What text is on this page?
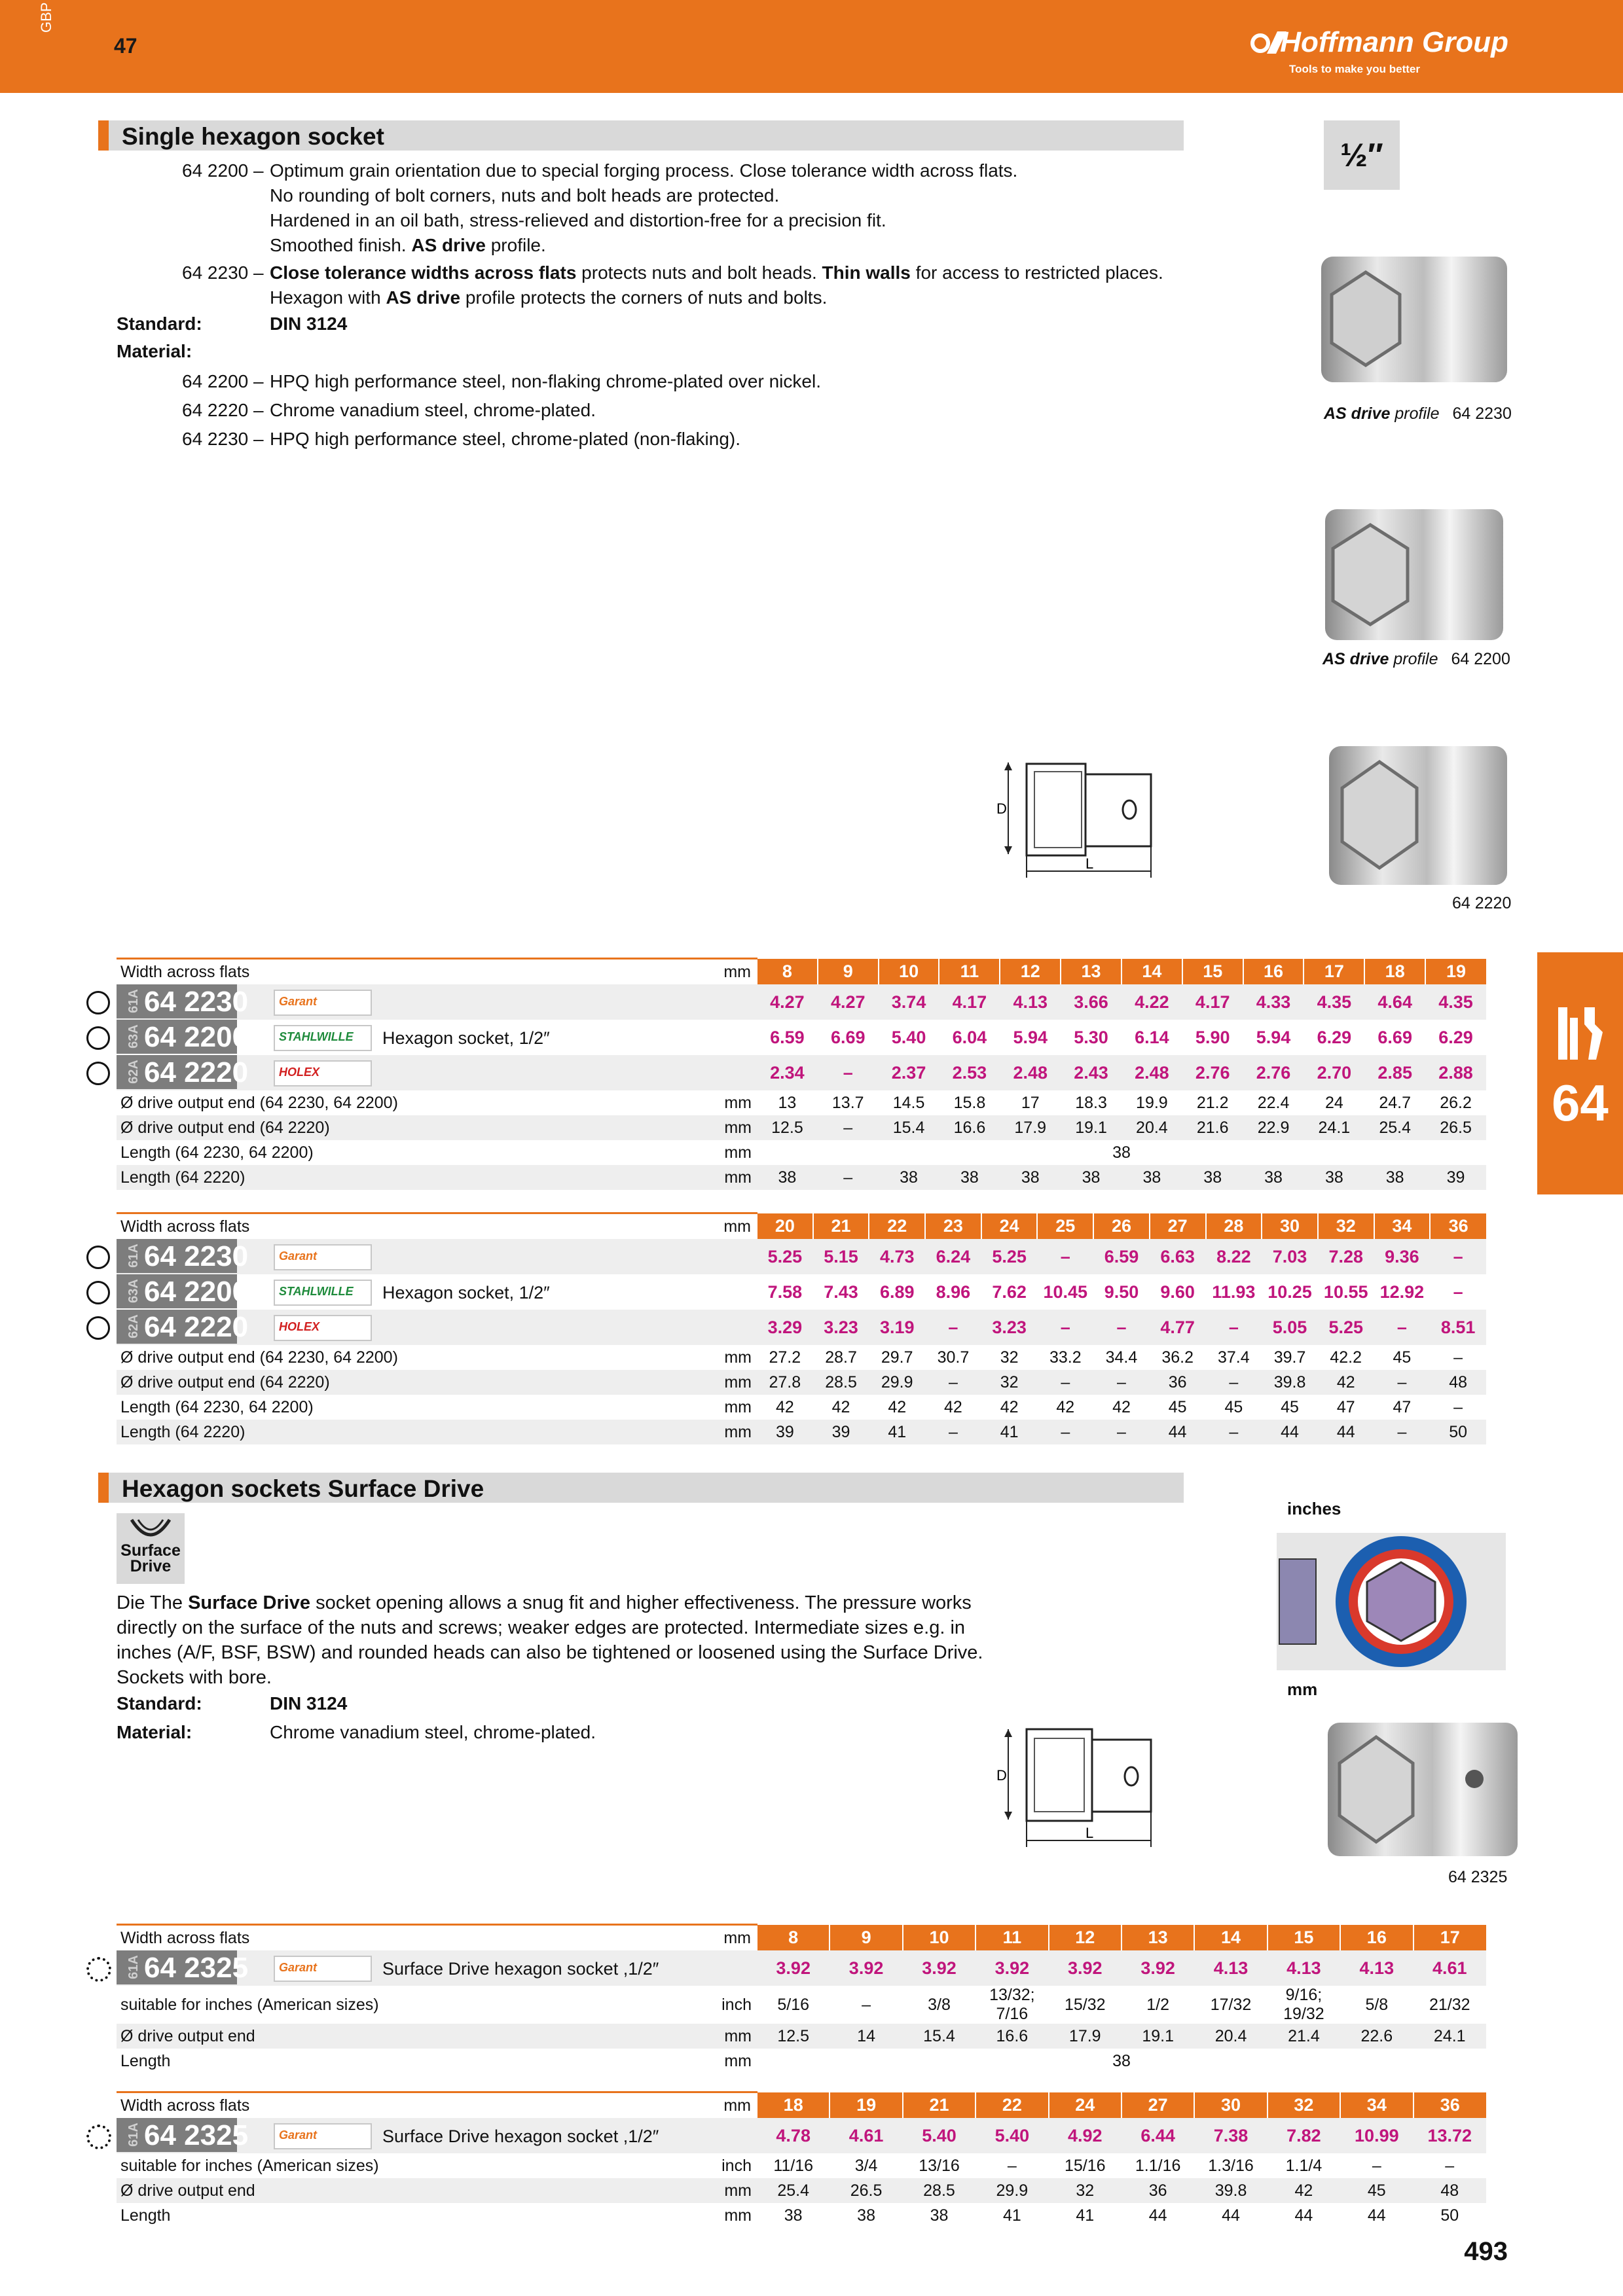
GBP
47	Hoffmann Group
Tools to make you better
Single hexagon socket
½″
64 2200 – Optimum grain orientation due to special forging process. Close tolerance width across flats.
No rounding of bolt corners, nuts and bolt heads are protected.
Hardened in an oil bath, stress-relieved and distortion-free for a precision fit.
Smoothed finish. AS drive profile.
64 2230 – Close tolerance widths across flats protects nuts and bolt heads. Thin walls for access to restricted places.
Hexagon with AS drive profile protects the corners of nuts and bolts.
Standard:	DIN 3124
Material:
64 2200 – HPQ high performance steel, non-flaking chrome-plated over nickel.
64 2220 – Chrome vanadium steel, chrome-plated.
64 2230 – HPQ high performance steel, chrome-plated (non-flaking).
AS drive profile 64 2230
AS drive profile 64 2200
64 2220
D
L
Width across flats	mm	8	9	10	11	12	13	14	15	16	17	18	19

61A 64 2230 Garant		4.27	4.27	3.74	4.17	4.13	3.66	4.22	4.17	4.33	4.35	4.64	4.35

63A 64 2200 STAHLWILLE Hexagon socket, 1/2″		6.59	6.69	5.40	6.04	5.94	5.30	6.14	5.90	5.94	6.29	6.69	6.29

62A 64 2220 HOLEX		2.34	–	2.37	2.53	2.48	2.43	2.48	2.76	2.76	2.70	2.85	2.88
Ø drive output end (64 2230, 64 2200)	mm	13	13.7	14.5	15.8	17	18.3	19.9	21.2	22.4	24	24.7	26.2
Ø drive output end (64 2220)	mm	12.5	–	15.4	16.6	17.9	19.1	20.4	21.6	22.9	24.1	25.4	26.5
Length (64 2230, 64 2200)	mm	38											
Length (64 2220)	mm	38	–	38	38	38	38	38	38	38	38	38	39
Width across flats	mm	20	21	22	23	24	25	26	27	28	30	32	34	36

61A 64 2230 Garant		5.25	5.15	4.73	6.24	5.25	–	6.59	6.63	8.22	7.03	7.28	9.36	–

63A 64 2200 STAHLWILLE Hexagon socket, 1/2″		7.58	7.43	6.89	8.96	7.62	10.45	9.50	9.60	11.93	10.25	10.55	12.92	–

62A 64 2220 HOLEX		3.29	3.23	3.19	–	3.23	–	–	4.77	–	5.05	5.25	–	8.51
Ø drive output end (64 2230, 64 2200)	mm	27.2	28.7	29.7	30.7	32	33.2	34.4	36.2	37.4	39.7	42.2	45	–
Ø drive output end (64 2220)	mm	27.8	28.5	29.9	–	32	–	–	36	–	39.8	42	–	48
Length (64 2230, 64 2200)	mm	42	42	42	42	42	42	42	45	45	45	47	47	–
Length (64 2220)	mm	39	39	41	–	41	–	–	44	–	44	44	–	50
Hexagon sockets Surface Drive
Surface
Drive
Die The Surface Drive socket opening allows a snug fit and higher effectiveness. The pressure works
directly on the surface of the nuts and screws; weaker edges are protected. Intermediate sizes e.g. in
inches (A/F, BSF, BSW) and rounded heads can also be tightened or loosened using the Surface Drive.
Sockets with bore.
Standard:	DIN 3124
Material:	Chrome vanadium steel, chrome-plated.
inches
mm
64 2325
D
L
Width across flats	mm	8	9	10	11	12	13	14	15	16	17

61A 64 2325 Garant Surface Drive hexagon socket ,1/2″		3.92	3.92	3.92	3.92	3.92	3.92	4.13	4.13	4.13	4.61
suitable for inches (American sizes)	inch	5/16	–	3/8	13/32; 7/16	15/32	1/2	17/32	9/16; 19/32	5/8	21/32
Ø drive output end	mm	12.5	14	15.4	16.6	17.9	19.1	20.4	21.4	22.6	24.1
Length	mm	38									
Width across flats	mm	18	19	21	22	24	27	30	32	34	36

61A 64 2325 Garant Surface Drive hexagon socket ,1/2″		4.78	4.61	5.40	5.40	4.92	6.44	7.38	7.82	10.99	13.72
suitable for inches (American sizes)	inch	11/16	3/4	13/16	–	15/16	1.1/16	1.3/16	1.1/4	–	–
Ø drive output end	mm	25.4	26.5	28.5	29.9	32	36	39.8	42	45	48
Length	mm	38	38	38	41	41	44	44	44	44	50
64
493
